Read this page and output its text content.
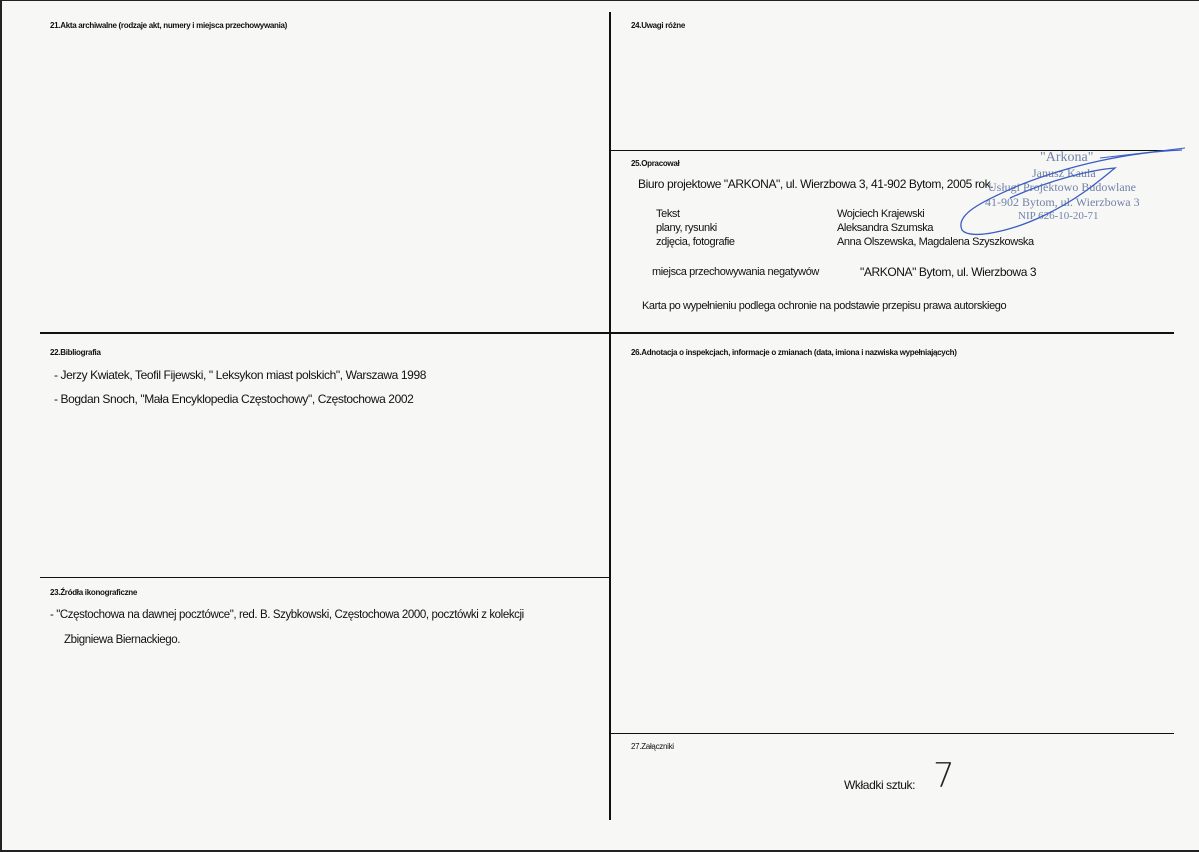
21.Akta archiwalne (rodzaje akt, numery i miejsca przechowywania)	24.Uwagi różne
25.Opracował
Biuro projektowe "ARKONA", ul. Wierzbowa 3, 41-902 Bytom, 2005 rok.
Tekst	Wojciech Krajewski
plany, rysunki	Aleksandra Szumska
zdjęcia, fotografie	Anna Olszewska, Magdalena Szyszkowska
miejsca przechowywania negatywów	"ARKONA" Bytom, ul. Wierzbowa 3
Karta po wypełnieniu podlega ochronie na podstawie przepisu prawa autorskiego
"Arkona"
Janusz Kaula
Usługi Projektowo Budowlane
41-902 Bytom, ul. Wierzbowa 3
NIP 626-10-20-71
22.Bibliografia
- Jerzy Kwiatek, Teofil Fijewski, " Leksykon miast polskich", Warszawa 1998
- Bogdan Snoch, "Mała Encyklopedia Częstochowy", Częstochowa 2002
23.Źródła ikonograficzne
- "Częstochowa na dawnej pocztówce", red. B. Szybkowski, Częstochowa 2000, pocztówki z kolekcji
Zbigniewa Biernackiego.
26.Adnotacja o inspekcjach, informacje o zmianach (data, imiona i nazwiska wypełniających)
27.Załączniki
Wkładki sztuk: 7
